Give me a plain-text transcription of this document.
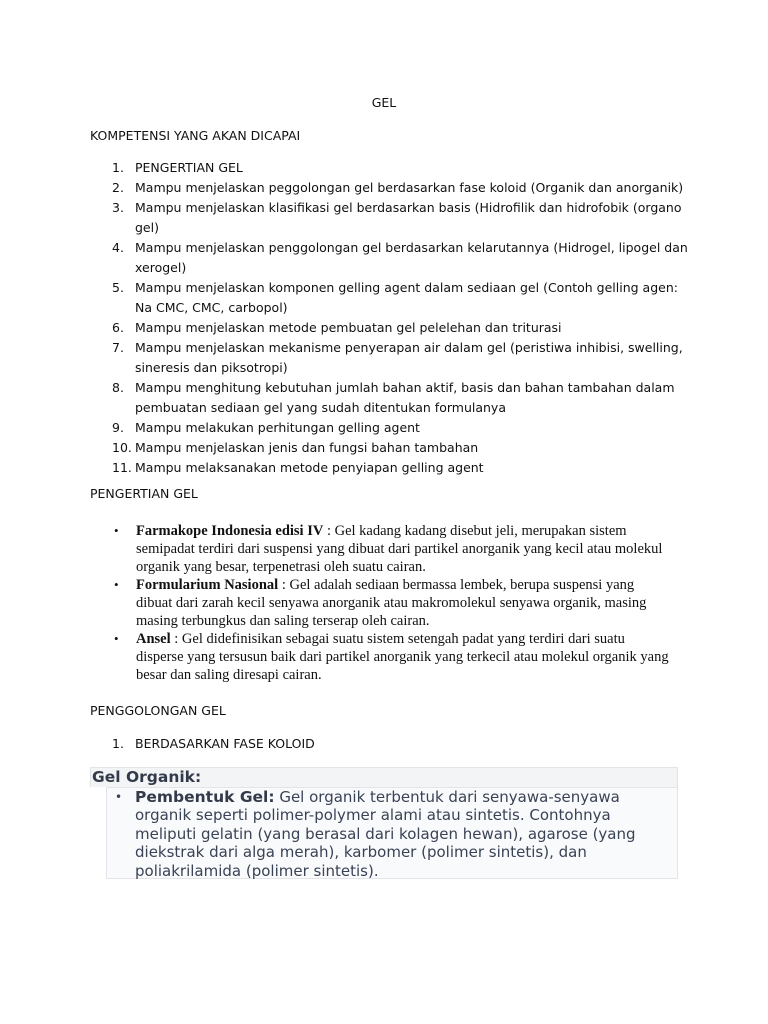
GEL
KOMPETENSI YANG AKAN DICAPAI
1. PENGERTIAN GEL
2. Mampu menjelaskan peggolongan gel berdasarkan fase koloid (Organik dan anorganik)
3. Mampu menjelaskan klasifikasi gel berdasarkan basis (Hidrofilik dan hidrofobik (organo gel)
4. Mampu menjelaskan penggolongan gel berdasarkan kelarutannya (Hidrogel, lipogel dan xerogel)
5. Mampu menjelaskan komponen gelling agent dalam sediaan gel (Contoh gelling agen: Na CMC, CMC, carbopol)
6. Mampu menjelaskan metode pembuatan gel pelelehan dan triturasi
7. Mampu menjelaskan mekanisme penyerapan air dalam gel (peristiwa inhibisi, swelling, sineresis dan piksotropi)
8. Mampu menghitung kebutuhan jumlah bahan aktif, basis dan bahan tambahan dalam pembuatan sediaan gel yang sudah ditentukan formulanya
9. Mampu melakukan perhitungan gelling agent
10. Mampu menjelaskan jenis dan fungsi bahan tambahan
11. Mampu melaksanakan metode penyiapan gelling agent
PENGERTIAN GEL
• Farmakope Indonesia edisi IV : Gel kadang kadang disebut jeli, merupakan sistem semipadat terdiri dari suspensi yang dibuat dari partikel anorganik yang kecil atau molekul organik yang besar, terpenetrasi oleh suatu cairan.
• Formularium Nasional : Gel adalah sediaan bermassa lembek, berupa suspensi yang dibuat dari zarah kecil senyawa anorganik atau makromolekul senyawa organik, masing masing terbungkus dan saling terserap oleh cairan.
• Ansel : Gel didefinisikan sebagai suatu sistem setengah padat yang terdiri dari suatu disperse yang tersusun baik dari partikel anorganik yang terkecil atau molekul organik yang besar dan saling diresapi cairan.
PENGGOLONGAN GEL
1. BERDASARKAN FASE KOLOID
Gel Organik:
• Pembentuk Gel: Gel organik terbentuk dari senyawa-senyawa organik seperti polimer-polymer alami atau sintetis. Contohnya meliputi gelatin (yang berasal dari kolagen hewan), agarose (yang diekstrak dari alga merah), karbomer (polimer sintetis), dan poliakrilamida (polimer sintetis).
